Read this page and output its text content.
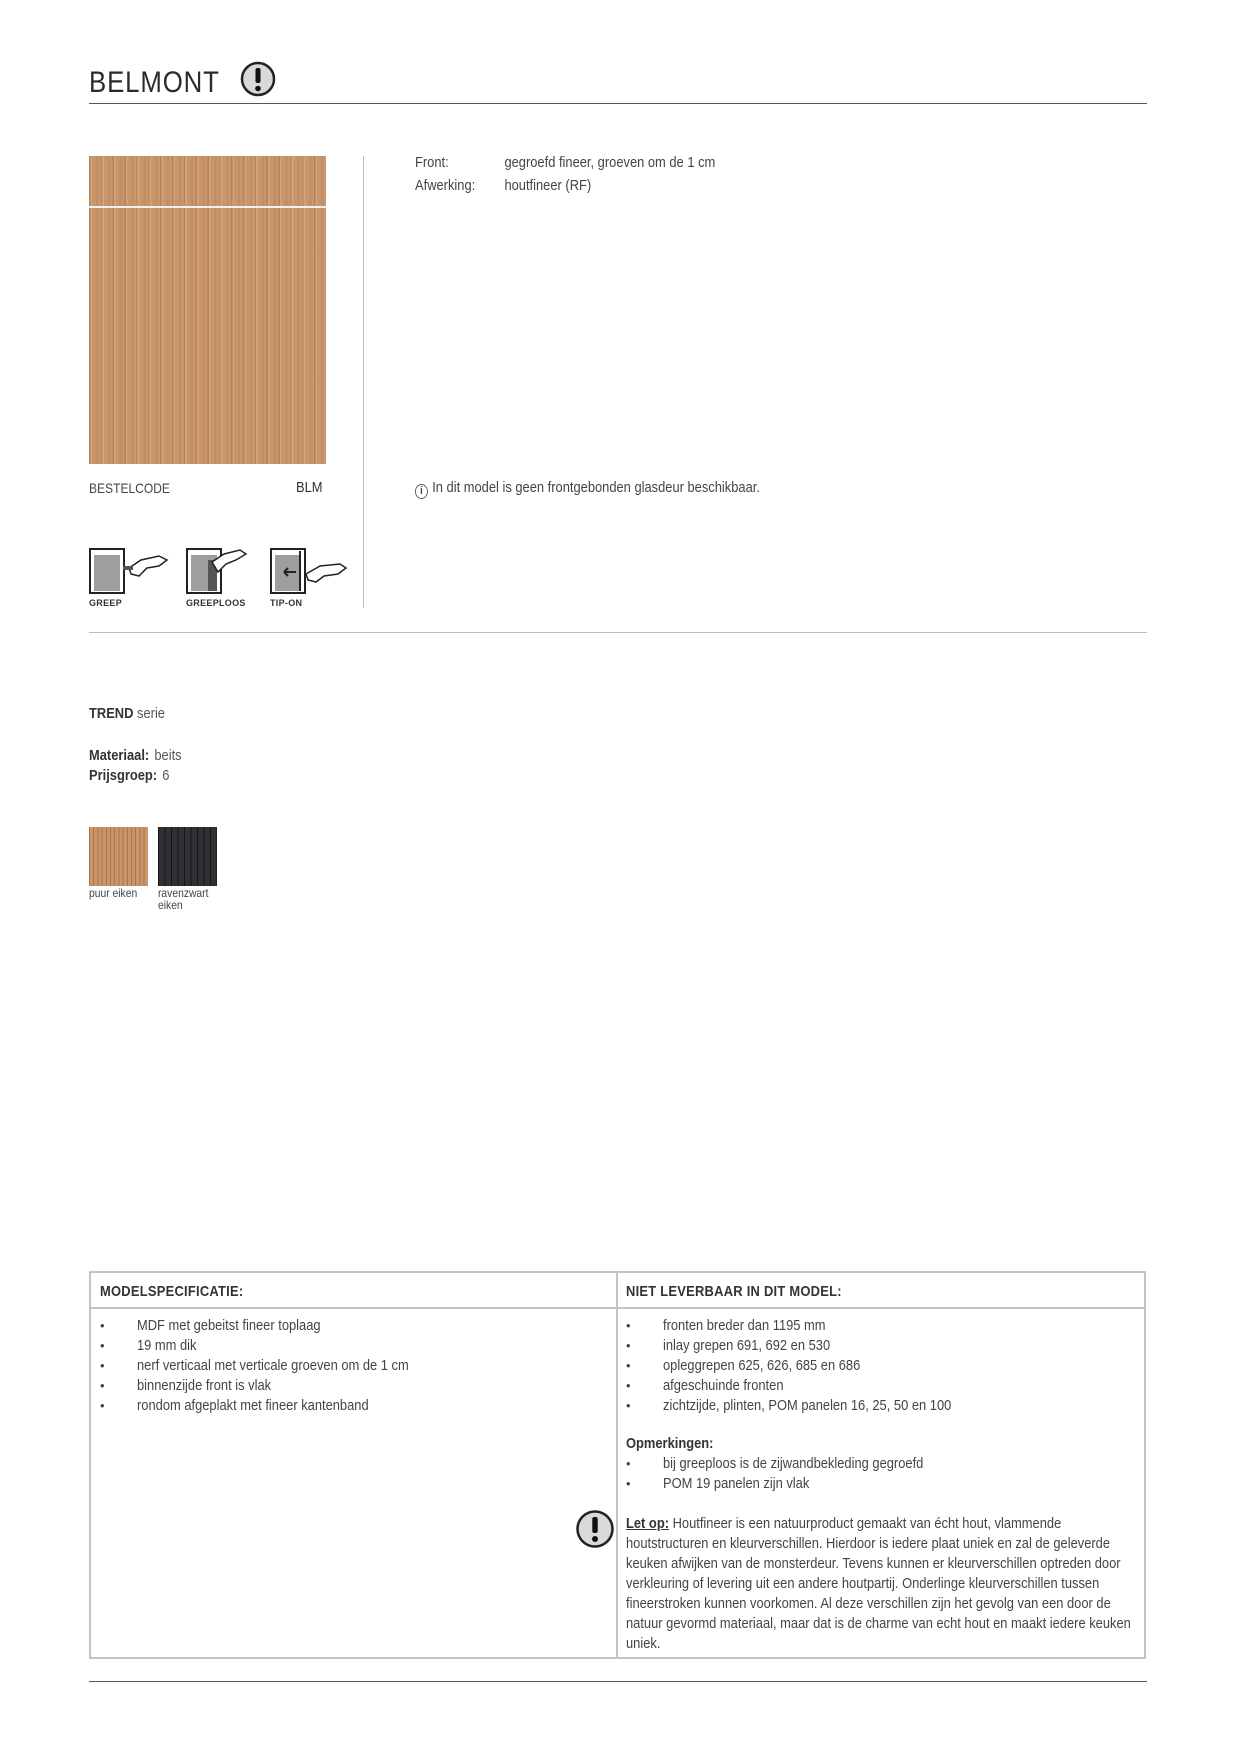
BELMONT
BESTELCODE	BLM
GREEP	GREEPLOOS	TIP-ON
Front:	gegroefd fineer, groeven om de 1 cm
Afwerking: houtfineer (RF)
i In dit model is geen frontgebonden glasdeur beschikbaar.
TREND serie
Materiaal: beits
Prijsgroep: 6
puur eiken ravenzwart
eiken
MODELSPECIFICATIE:	NIET LEVERBAAR IN DIT MODEL:
• MDF met gebeitst fineer toplaag
• 19 mm dik
• nerf verticaal met verticale groeven om de 1 cm
• binnenzijde front is vlak
• rondom afgeplakt met fineer kantenband
• fronten breder dan 1195 mm
• inlay grepen 691, 692 en 530
• opleggrepen 625, 626, 685 en 686
• afgeschuinde fronten
• zichtzijde, plinten, POM panelen 16, 25, 50 en 100
Opmerkingen:
• bij greeploos is de zijwandbekleding gegroefd
• POM 19 panelen zijn vlak
Let op: Houtfineer is een natuurproduct gemaakt van écht hout, vlammende houtstructuren en kleurverschillen. Hierdoor is iedere plaat uniek en zal de geleverde keuken afwijken van de monsterdeur. Tevens kunnen er kleurverschillen optreden door verkleuring of levering uit een andere houtpartij. Onderlinge kleurverschillen tussen fineerstroken kunnen voorkomen. Al deze verschillen zijn het gevolg van een door de natuur gevormd materiaal, maar dat is de charme van echt hout en maakt iedere keuken uniek.
